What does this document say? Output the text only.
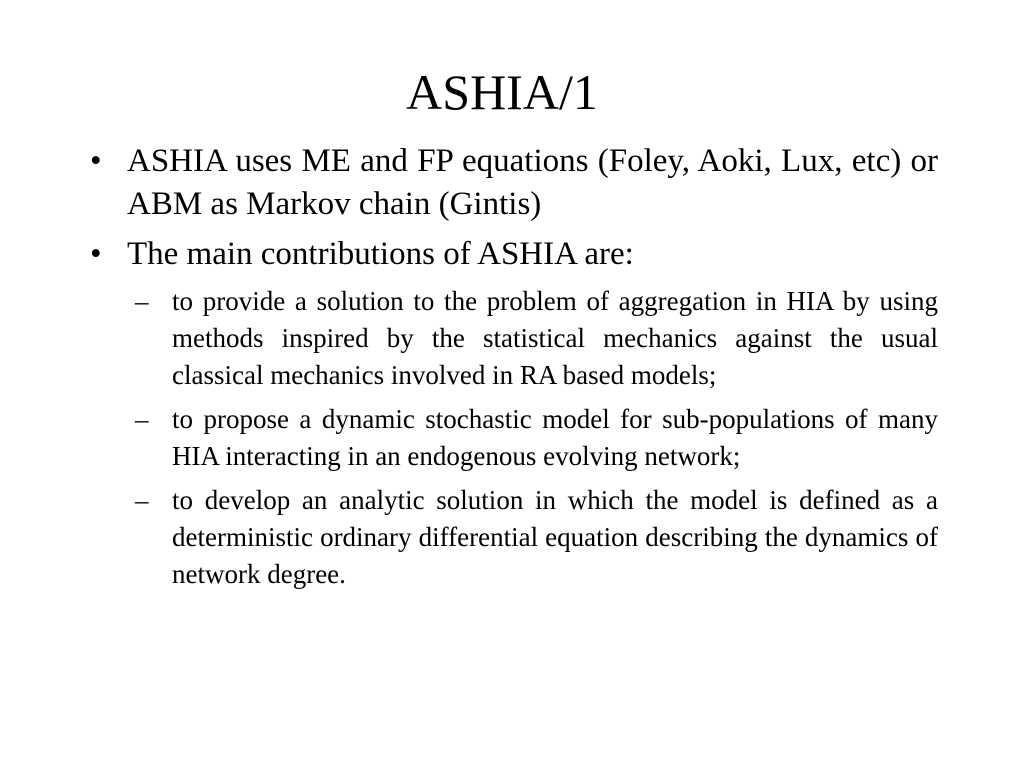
ASHIA/1
• ASHIA uses ME and FP equations (Foley, Aoki, Lux, etc) or ABM as Markov chain (Gintis)
• The main contributions of ASHIA are:
– to provide a solution to the problem of aggregation in HIA by using methods inspired by the statistical mechanics against the usual classical mechanics involved in RA based models;
– to propose a dynamic stochastic model for sub-populations of many HIA interacting in an endogenous evolving network;
– to develop an analytic solution in which the model is defined as a deterministic ordinary differential equation describing the dynamics of network degree.
